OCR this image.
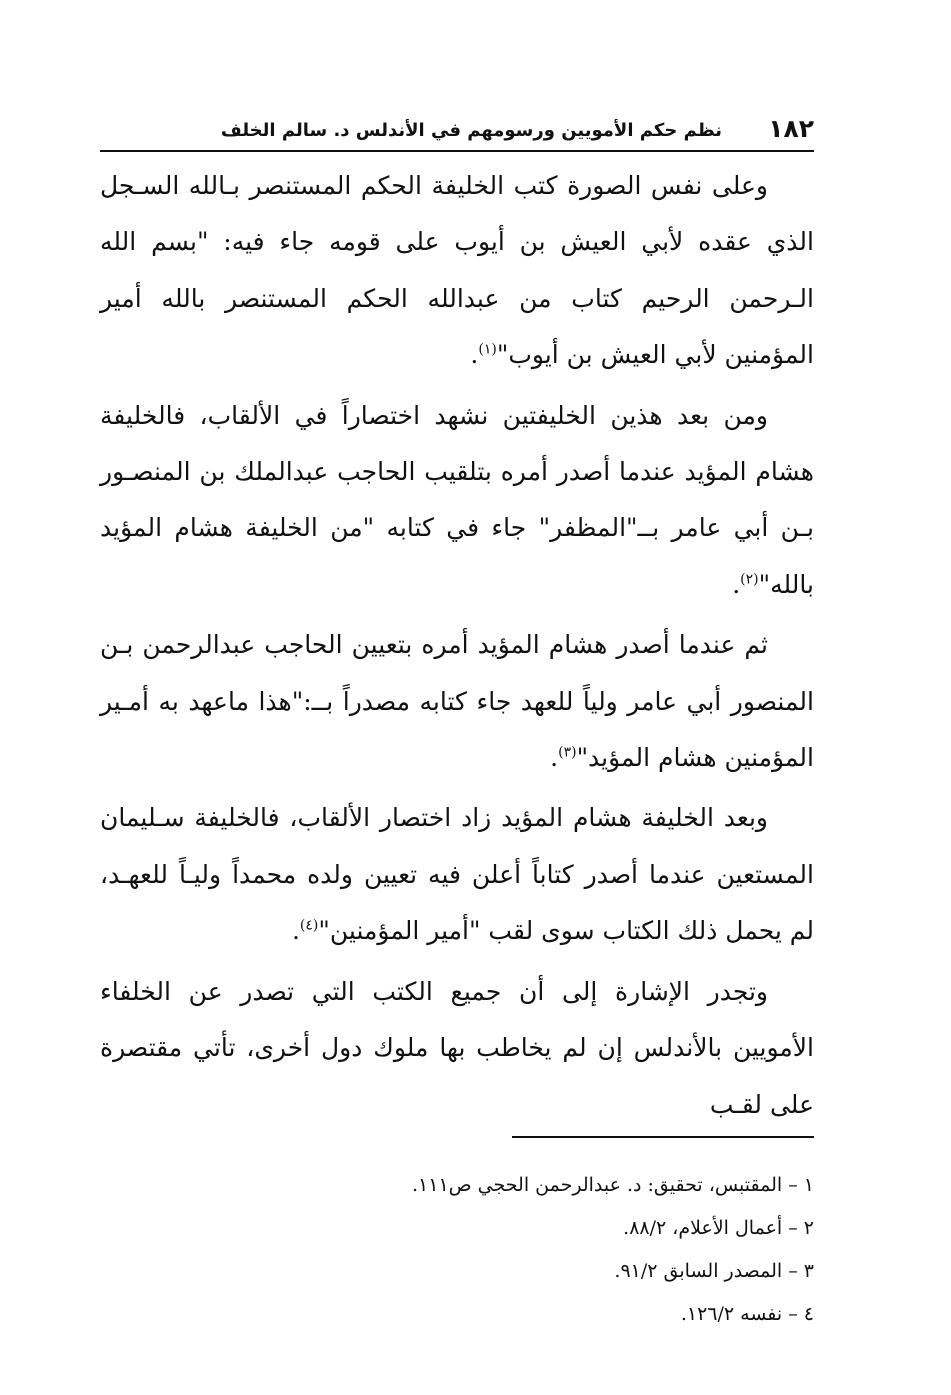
١٨٢
نظم حكم الأمويين ورسومهم في الأندلس د. سالم الخلف

وعلى نفس الصورة كتب الخليفة الحكم المستنصر بـالله السـجل الذي عقده لأبي العيش بن أيوب على قومه جاء فيه: "بسم الله الـرحمن الرحيم كتاب من عبدالله الحكم المستنصر بالله أمير المؤمنين لأبي العيش بن أيوب"$^{(١)}$.

ومن بعد هذين الخليفتين نشهد اختصاراً في الألقاب، فالخليفة هشام المؤيد عندما أصدر أمره بتلقيب الحاجب عبدالملك بن المنصـور بـن أبي عامر بــ"المظفر" جاء في كتابه "من الخليفة هشام المؤيد بالله"$^{(٢)}$.

ثم عندما أصدر هشام المؤيد أمره بتعيين الحاجب عبدالرحمن بـن المنصور أبي عامر ولياً للعهد جاء كتابه مصدراً بــ:"هذا ماعهد به أمـير المؤمنين هشام المؤيد"$^{(٣)}$.

وبعد الخليفة هشام المؤيد زاد اختصار الألقاب، فالخليفة سـليمان المستعين عندما أصدر كتاباً أعلن فيه تعيين ولده محمداً وليـاً للعهـد، لم يحمل ذلك الكتاب سوى لقب "أمير المؤمنين"$^{(٤)}$.

وتجدر الإشارة إلى أن جميع الكتب التي تصدر عن الخلفاء الأمويين بالأندلس إن لم يخاطب بها ملوك دول أخرى، تأتي مقتصرة على لقـب

١ – المقتبس، تحقيق: د. عبدالرحمن الحجي ص١١١.
٢ – أعمال الأعلام، ٨٨/٢.
٣ – المصدر السابق ٩١/٢.
٤ – نفسه ١٢٦/٢.
